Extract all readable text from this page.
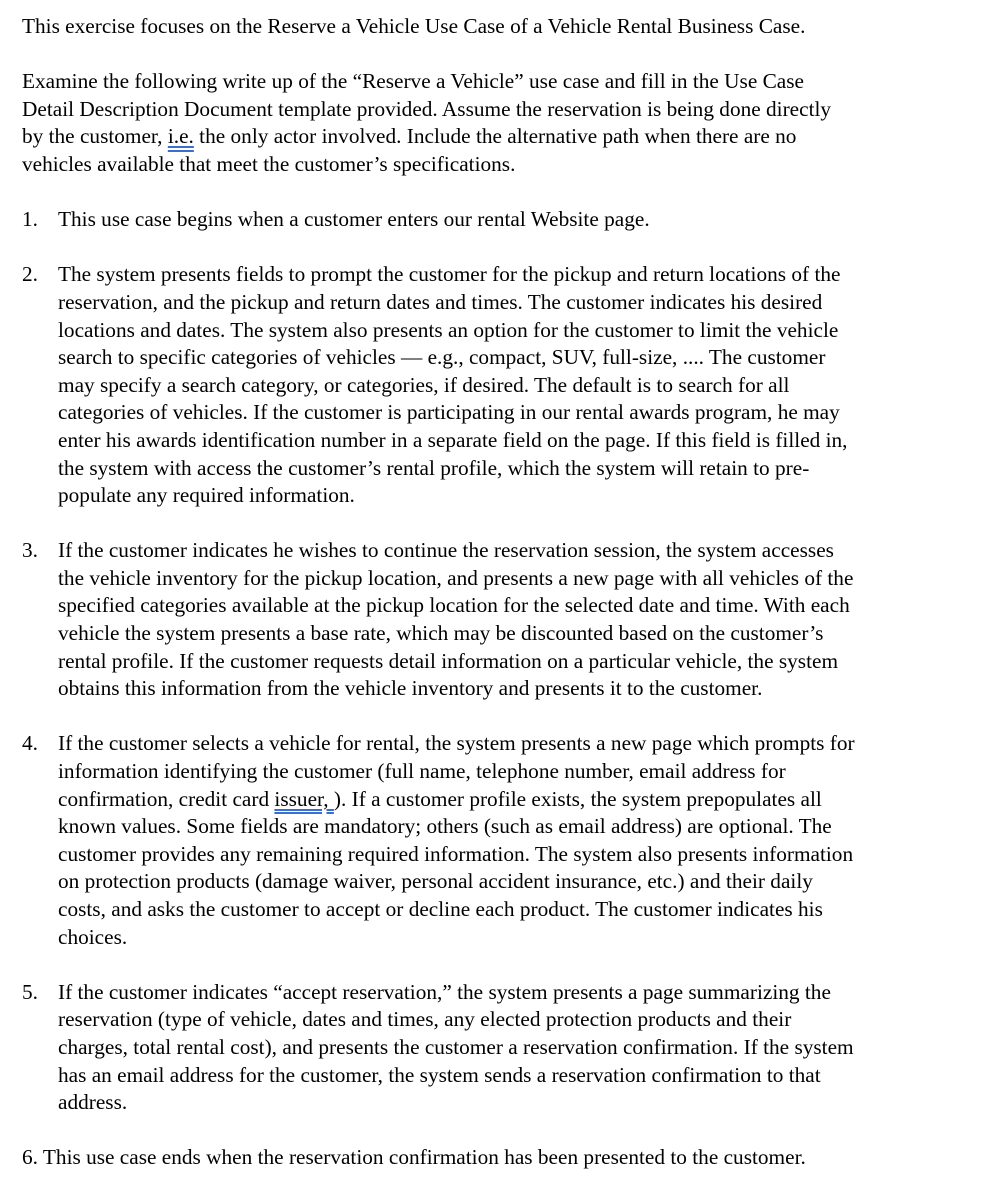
This exercise focuses on the Reserve a Vehicle Use Case of a Vehicle Rental Business Case.
Examine the following write up of the “Reserve a Vehicle” use case and fill in the Use Case
Detail Description Document template provided. Assume the reservation is being done directly
by the customer, i.e. the only actor involved. Include the alternative path when there are no
vehicles available that meet the customer’s specifications.
1. This use case begins when a customer enters our rental Website page.
2. The system presents fields to prompt the customer for the pickup and return locations of the
reservation, and the pickup and return dates and times. The customer indicates his desired
locations and dates. The system also presents an option for the customer to limit the vehicle
search to specific categories of vehicles — e.g., compact, SUV, full-size, .... The customer
may specify a search category, or categories, if desired. The default is to search for all
categories of vehicles. If the customer is participating in our rental awards program, he may
enter his awards identification number in a separate field on the page. If this field is filled in,
the system with access the customer’s rental profile, which the system will retain to pre-
populate any required information.
3. If the customer indicates he wishes to continue the reservation session, the system accesses
the vehicle inventory for the pickup location, and presents a new page with all vehicles of the
specified categories available at the pickup location for the selected date and time. With each
vehicle the system presents a base rate, which may be discounted based on the customer’s
rental profile. If the customer requests detail information on a particular vehicle, the system
obtains this information from the vehicle inventory and presents it to the customer.
4. If the customer selects a vehicle for rental, the system presents a new page which prompts for
information identifying the customer (full name, telephone number, email address for
confirmation, credit card issuer, ). If a customer profile exists, the system prepopulates all
known values. Some fields are mandatory; others (such as email address) are optional. The
customer provides any remaining required information. The system also presents information
on protection products (damage waiver, personal accident insurance, etc.) and their daily
costs, and asks the customer to accept or decline each product. The customer indicates his
choices.
5. If the customer indicates “accept reservation,” the system presents a page summarizing the
reservation (type of vehicle, dates and times, any elected protection products and their
charges, total rental cost), and presents the customer a reservation confirmation. If the system
has an email address for the customer, the system sends a reservation confirmation to that
address.
6. This use case ends when the reservation confirmation has been presented to the customer.
